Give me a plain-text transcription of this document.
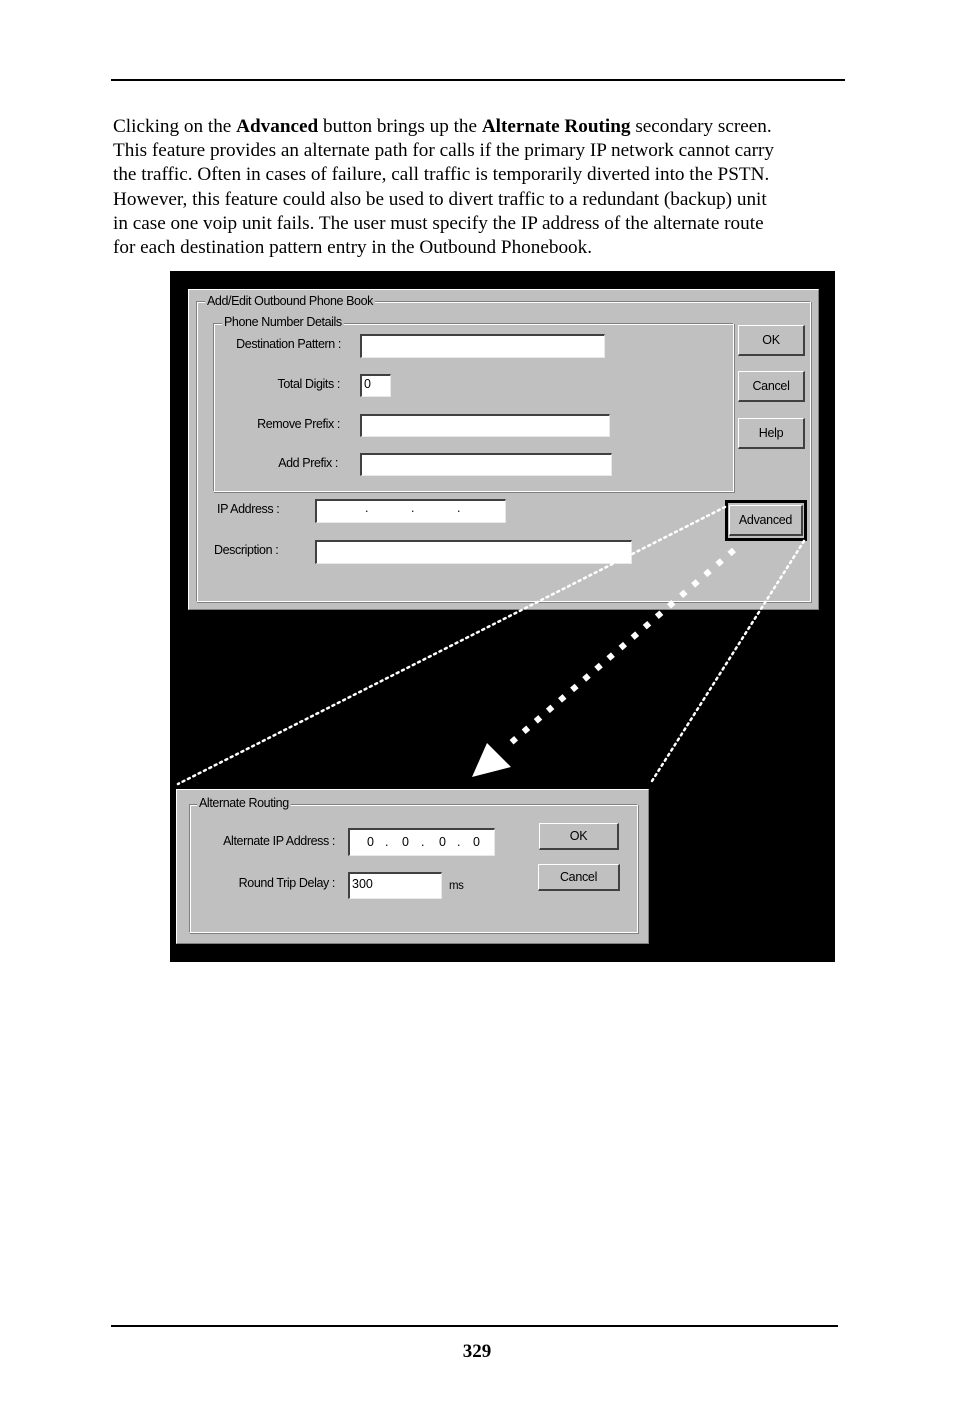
Clicking on the Advanced button brings up the Alternate Routing secondary screen.
This feature provides an alternate path for calls if the primary IP network cannot carry
the traffic. Often in cases of failure, call traffic is temporarily diverted into the PSTN.
However, this feature could also be used to divert traffic to a redundant (backup) unit
in case one voip unit fails. The user must specify the IP address of the alternate route
for each destination pattern entry in the Outbound Phonebook.

Add/Edit Outbound Phone Book
Phone Number Details
Destination Pattern :
Total Digits :	0
Remove Prefix :
Add Prefix :
IP Address :	.	.	.
Description :
OK
Cancel
Help
Advanced
Alternate Routing
Alternate IP Address :	0 . 0 . 0 . 0
Round Trip Delay :	300	ms
OK
Cancel
329
